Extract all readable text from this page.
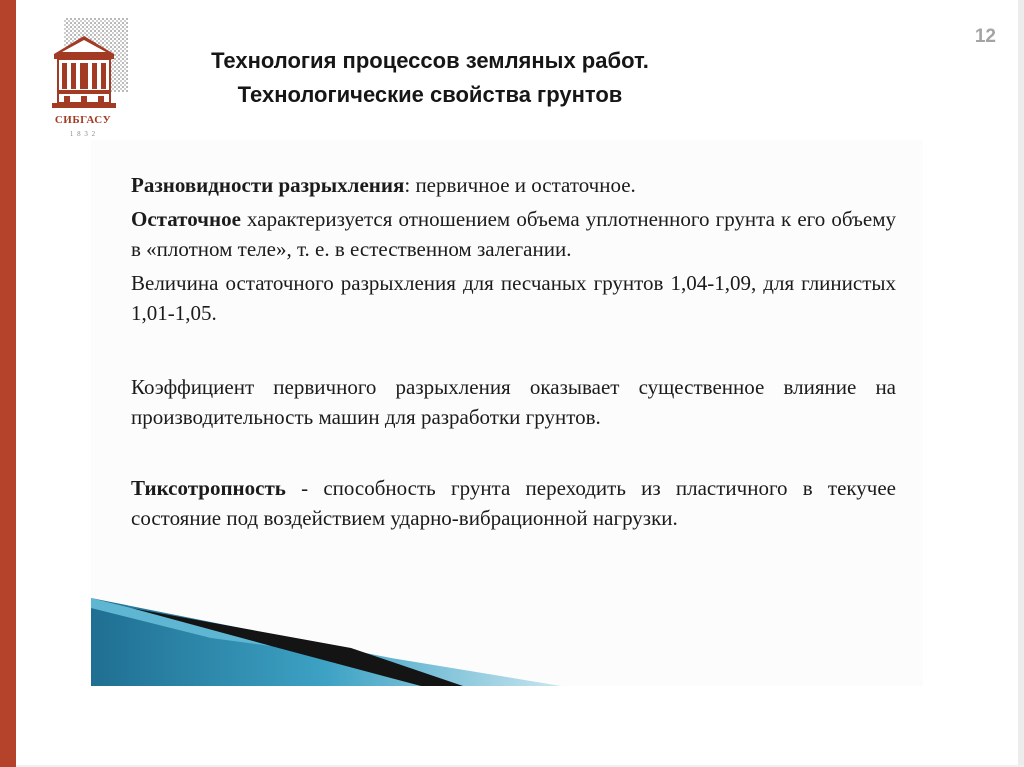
СИБГАСУ
1 8 3 2
12
Технология процессов земляных работ.
Технологические свойства грунтов

Разновидности разрыхления: первичное и остаточное.

Остаточное характеризуется отношением объема уплотненного грунта к его объему в «плотном теле», т. е. в естественном залегании.

Величина остаточного разрыхления для песчаных грунтов 1,04-1,09, для глинистых 1,01-1,05.

Коэффициент первичного разрыхления оказывает существенное влияние на производительность машин для разработки грунтов.

Тиксотропность - способность грунта переходить из пластичного в текучее состояние под воздействием ударно-вибрационной нагрузки.
